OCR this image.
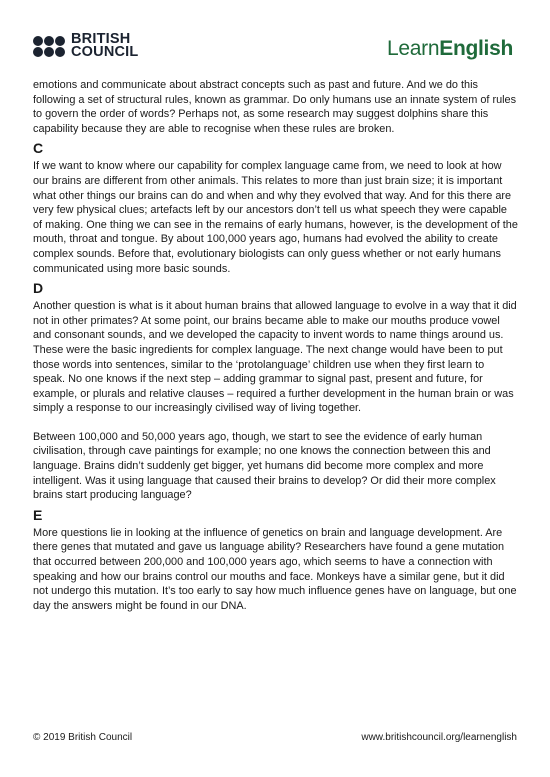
BRITISH
COUNCIL	LearnEnglish

emotions and communicate about abstract concepts such as past and future. And we do this following a set of structural rules, known as grammar. Do only humans use an innate system of rules to govern the order of words? Perhaps not, as some research may suggest dolphins share this capability because they are able to recognise when these rules are broken.

C

If we want to know where our capability for complex language came from, we need to look at how our brains are different from other animals. This relates to more than just brain size; it is important what other things our brains can do and when and why they evolved that way. And for this there are very few physical clues; artefacts left by our ancestors don’t tell us what speech they were capable of making. One thing we can see in the remains of early humans, however, is the development of the mouth, throat and tongue. By about 100,000 years ago, humans had evolved the ability to create complex sounds. Before that, evolutionary biologists can only guess whether or not early humans communicated using more basic sounds.

D

Another question is what is it about human brains that allowed language to evolve in a way that it did not in other primates? At some point, our brains became able to make our mouths produce vowel and consonant sounds, and we developed the capacity to invent words to name things around us. These were the basic ingredients for complex language. The next change would have been to put those words into sentences, similar to the ‘protolanguage’ children use when they first learn to speak. No one knows if the next step – adding grammar to signal past, present and future, for example, or plurals and relative clauses – required a further development in the human brain or was simply a response to our increasingly civilised way of living together.

Between 100,000 and 50,000 years ago, though, we start to see the evidence of early human civilisation, through cave paintings for example; no one knows the connection between this and language. Brains didn’t suddenly get bigger, yet humans did become more complex and more intelligent. Was it using language that caused their brains to develop? Or did their more complex brains start producing language?

E

More questions lie in looking at the influence of genetics on brain and language development. Are there genes that mutated and gave us language ability? Researchers have found a gene mutation that occurred between 200,000 and 100,000 years ago, which seems to have a connection with speaking and how our brains control our mouths and face. Monkeys have a similar gene, but it did not undergo this mutation. It’s too early to say how much influence genes have on language, but one day the answers might be found in our DNA.

© 2019 British Council	www.britishcouncil.org/learnenglish
